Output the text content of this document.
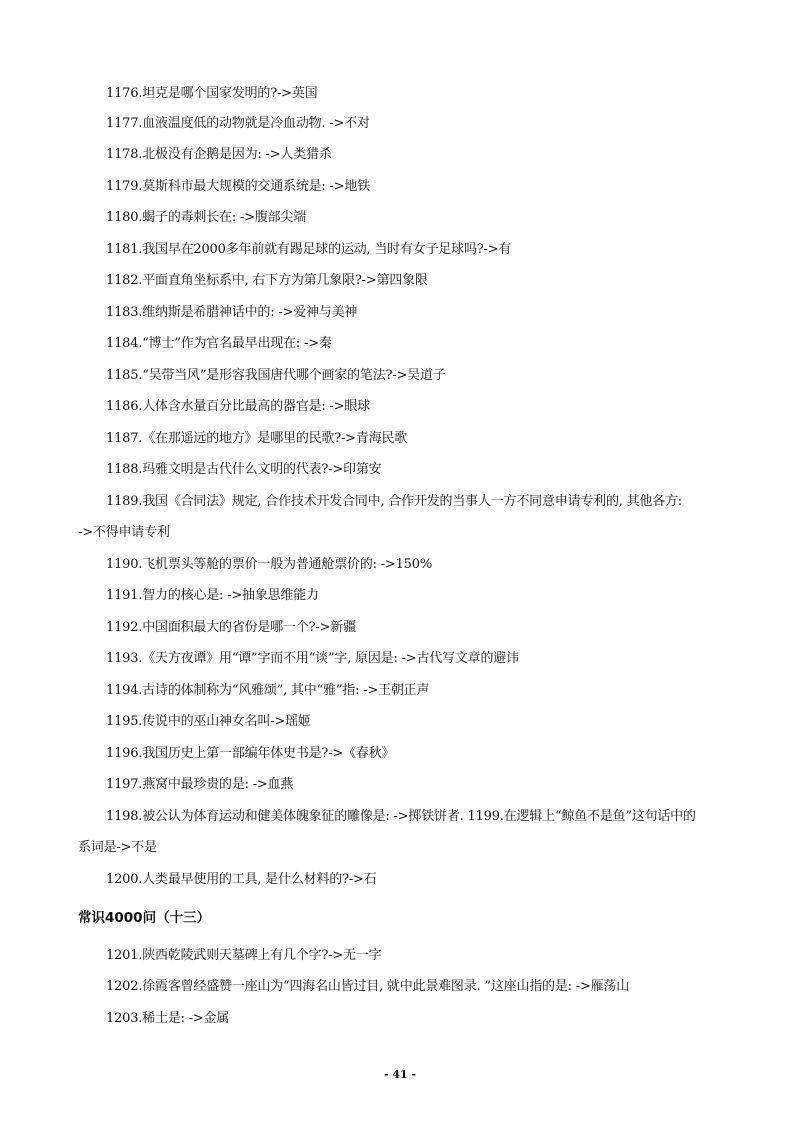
1176.坦克是哪个国家发明的?->英国
1177.血液温度低的动物就是冷血动物. ->不对
1178.北极没有企鹅是因为: ->人类猎杀
1179.莫斯科市最大规模的交通系统是: ->地铁
1180.蝎子的毒刺长在: ->腹部尖端
1181.我国早在2000多年前就有踢足球的运动, 当时有女子足球吗?->有
1182.平面直角坐标系中, 右下方为第几象限?->第四象限
1183.维纳斯是希腊神话中的: ->爱神与美神
1184.“博士”作为官名最早出现在: ->秦
1185.“吴带当风”是形容我国唐代哪个画家的笔法?->吴道子
1186.人体含水量百分比最高的器官是: ->眼球
1187.《在那遥远的地方》是哪里的民歌?->青海民歌
1188.玛雅文明是古代什么文明的代表?->印第安
1189.我国《合同法》规定, 合作技术开发合同中, 合作开发的当事人一方不同意申请专利的, 其他各方:
->不得申请专利
1190.飞机票头等舱的票价一般为普通舱票价的: ->150%
1191.智力的核心是: ->抽象思维能力
1192.中国面积最大的省份是哪一个?->新疆
1193.《天方夜谭》用“谭”字而不用“谈”字, 原因是: ->古代写文章的避讳
1194.古诗的体制称为“风雅颂”, 其中“雅”指: ->王朝正声
1195.传说中的巫山神女名叫->瑶姬
1196.我国历史上第一部编年体史书是?->《春秋》
1197.燕窝中最珍贵的是: ->血燕
1198.被公认为体育运动和健美体魄象征的雕像是: ->掷铁饼者. 1199.在逻辑上“鲸鱼不是鱼”这句话中的
系词是->不是
1200.人类最早使用的工具, 是什么材料的?->石
常识4000问（十三）
1201.陕西乾陵武则天墓碑上有几个字?->无一字
1202.徐霞客曾经盛赞一座山为“四海名山皆过目, 就中此景难图录. ”这座山指的是: ->雁荡山
1203.稀土是: ->金属
- 41 -
